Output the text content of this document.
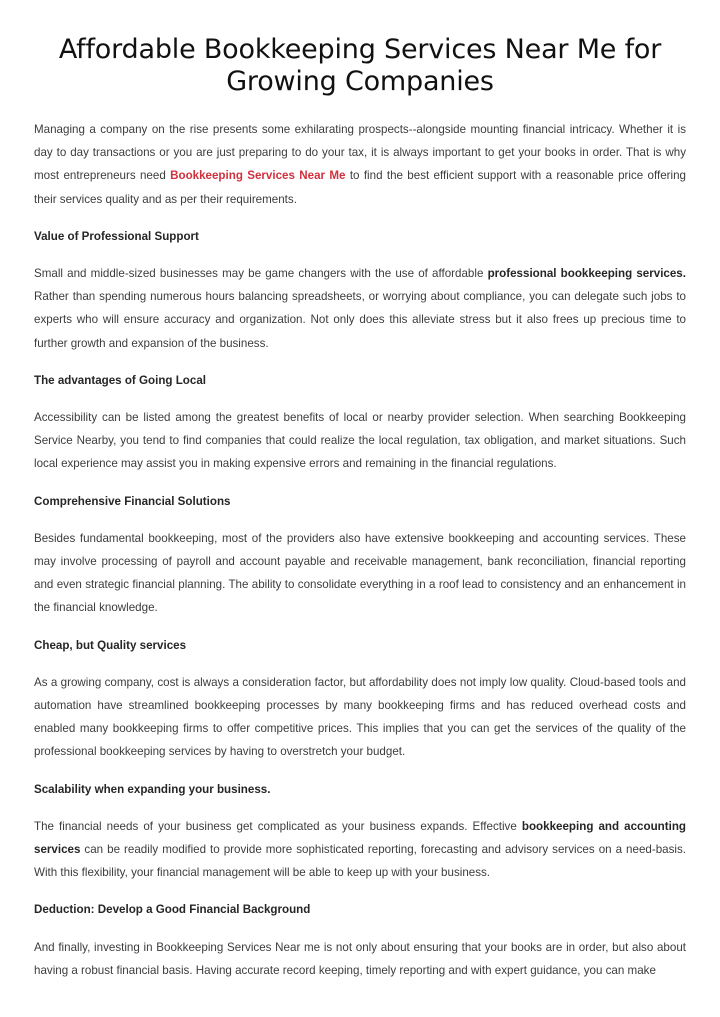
Affordable Bookkeeping Services Near Me for
Growing Companies

Managing a company on the rise presents some exhilarating prospects--alongside mounting financial intricacy. Whether it is day to day transactions or you are just preparing to do your tax, it is always important to get your books in order. That is why most entrepreneurs need Bookkeeping Services Near Me to find the best efficient support with a reasonable price offering their services quality and as per their requirements.

Value of Professional Support

Small and middle-sized businesses may be game changers with the use of affordable professional bookkeeping services. Rather than spending numerous hours balancing spreadsheets, or worrying about compliance, you can delegate such jobs to experts who will ensure accuracy and organization. Not only does this alleviate stress but it also frees up precious time to further growth and expansion of the business.

The advantages of Going Local

Accessibility can be listed among the greatest benefits of local or nearby provider selection. When searching Bookkeeping Service Nearby, you tend to find companies that could realize the local regulation, tax obligation, and market situations. Such local experience may assist you in making expensive errors and remaining in the financial regulations.

Comprehensive Financial Solutions

Besides fundamental bookkeeping, most of the providers also have extensive bookkeeping and accounting services. These may involve processing of payroll and account payable and receivable management, bank reconciliation, financial reporting and even strategic financial planning. The ability to consolidate everything in a roof lead to consistency and an enhancement in the financial knowledge.

Cheap, but Quality services

As a growing company, cost is always a consideration factor, but affordability does not imply low quality. Cloud-based tools and automation have streamlined bookkeeping processes by many bookkeeping firms and has reduced overhead costs and enabled many bookkeeping firms to offer competitive prices. This implies that you can get the services of the quality of the professional bookkeeping services by having to overstretch your budget.

Scalability when expanding your business.

The financial needs of your business get complicated as your business expands. Effective bookkeeping and accounting services can be readily modified to provide more sophisticated reporting, forecasting and advisory services on a need-basis. With this flexibility, your financial management will be able to keep up with your business.

Deduction: Develop a Good Financial Background

And finally, investing in Bookkeeping Services Near me is not only about ensuring that your books are in order, but also about having a robust financial basis. Having accurate record keeping, timely reporting and with expert guidance, you can make
